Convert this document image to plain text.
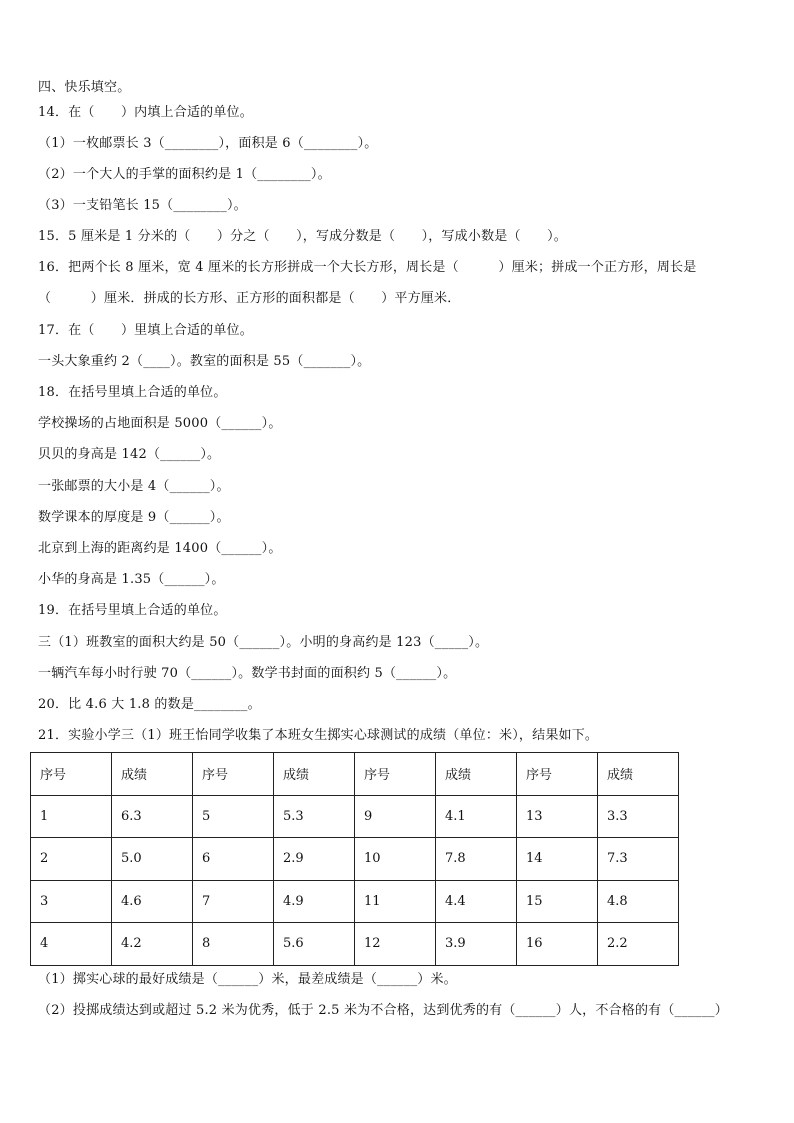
四、快乐填空。
14．在（　　）内填上合适的单位。
（1）一枚邮票长 3（________），面积是 6（________）。
（2）一个大人的手掌的面积约是 1（________）。
（3）一支铅笔长 15（________）。
15．5 厘米是 1 分米的（　　）分之（　　），写成分数是（　　），写成小数是（　　）。
16．把两个长 8 厘米，宽 4 厘米的长方形拼成一个大长方形，周长是（　　　）厘米；拼成一个正方形，周长是
（　　　）厘米．拼成的长方形、正方形的面积都是（　　）平方厘米．
17．在（　　）里填上合适的单位。
一头大象重约 2（____）。教室的面积是 55（_______）。
18．在括号里填上合适的单位。
学校操场的占地面积是 5000（______）。
贝贝的身高是 142（______）。
一张邮票的大小是 4（______）。
数学课本的厚度是 9（______）。
北京到上海的距离约是 1400（______）。
小华的身高是 1.35（______）。
19．在括号里填上合适的单位。
三（1）班教室的面积大约是 50（______）。小明的身高约是 123（_____）。
一辆汽车每小时行驶 70（______）。数学书封面的面积约 5（______）。
20．比 4.6 大 1.8 的数是________。
21．实验小学三（1）班王怡同学收集了本班女生掷实心球测试的成绩（单位：米），结果如下。
序号	成绩	序号	成绩	序号	成绩	序号	成绩
1	6.3	5	5.3	9	4.1	13	3.3
2	5.0	6	2.9	10	7.8	14	7.3
3	4.6	7	4.9	11	4.4	15	4.8
4	4.2	8	5.6	12	3.9	16	2.2
（1）掷实心球的最好成绩是（______）米，最差成绩是（______）米。
（2）投掷成绩达到或超过 5.2 米为优秀，低于 2.5 米为不合格，达到优秀的有（______）人，不合格的有（______）
